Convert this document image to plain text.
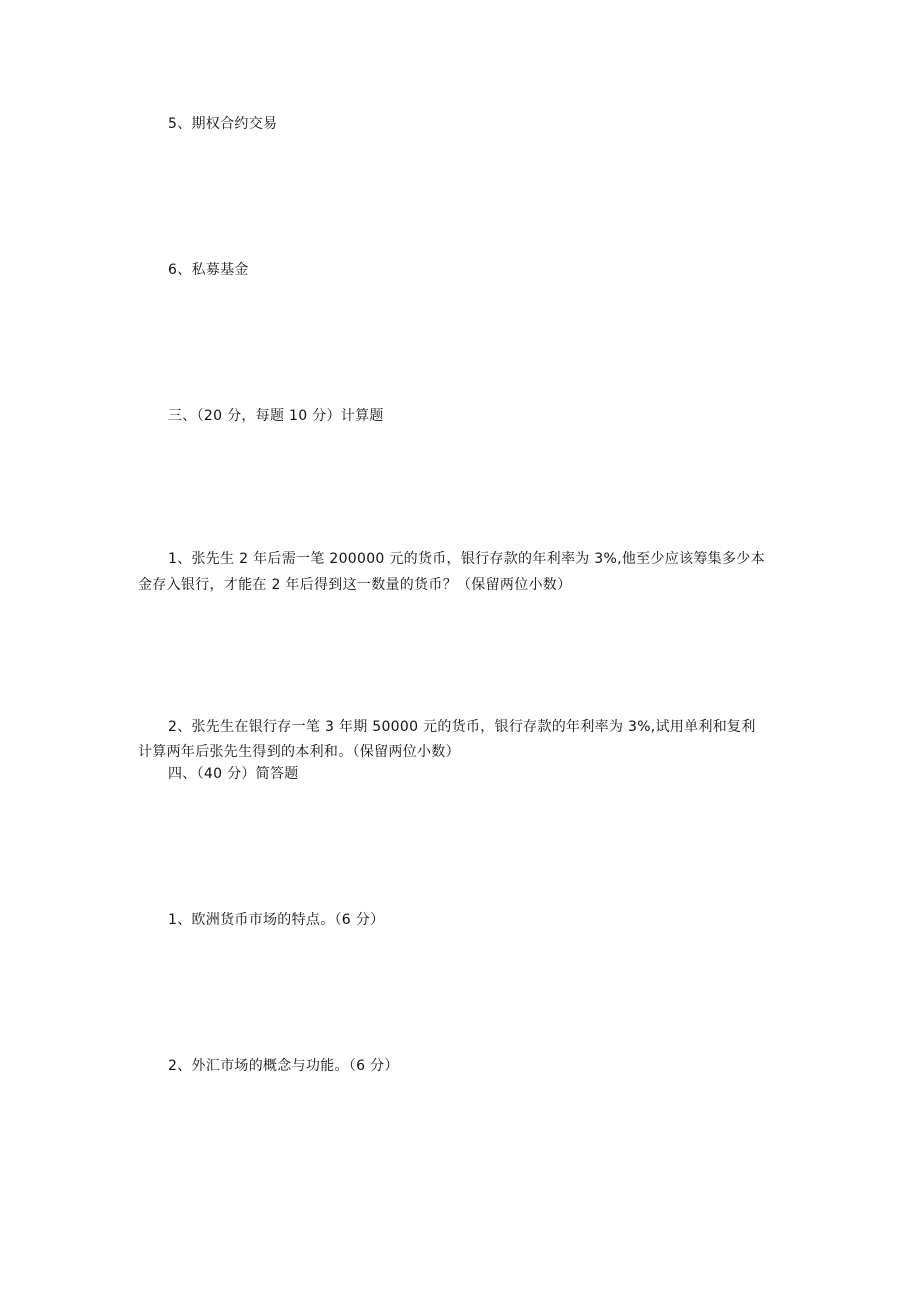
5、期权合约交易
6、私募基金
三、（20 分，每题 10 分）计算题
1、张先生 2 年后需一笔 200000 元的货币，银行存款的年利率为 3%,他至少应该筹集多少本
金存入银行，才能在 2 年后得到这一数量的货币？（保留两位小数）
2、张先生在银行存一笔 3 年期 50000 元的货币，银行存款的年利率为 3%,试用单利和复利
计算两年后张先生得到的本利和。（保留两位小数）
四、（40 分）简答题
1、欧洲货币市场的特点。（6 分）
2、外汇市场的概念与功能。（6 分）
